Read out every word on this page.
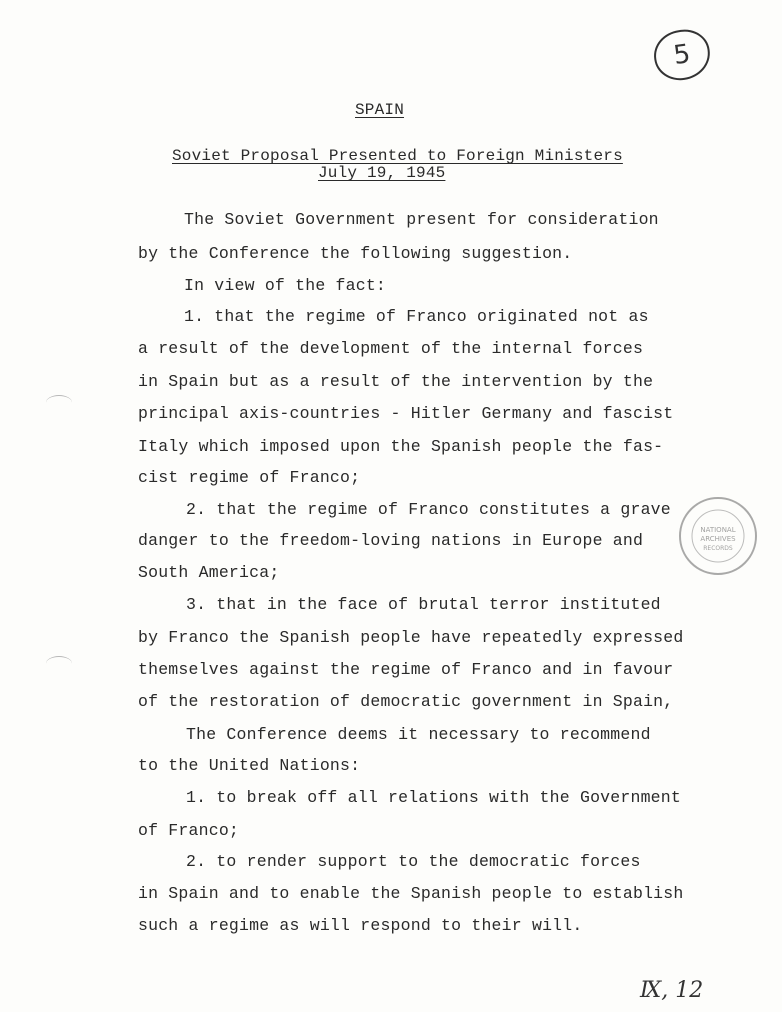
5
SPAIN
Soviet Proposal Presented to Foreign Ministers
July 19, 1945
The Soviet Government present for consideration
by the Conference the following suggestion.
In view of the fact:
1. that the regime of Franco originated not as
a result of the development of the internal forces
in Spain but as a result of the intervention by the
principal axis-countries - Hitler Germany and fascist
Italy which imposed upon the Spanish people the fas-
cist regime of Franco;
2. that the regime of Franco constitutes a grave
danger to the freedom-loving nations in Europe and
South America;
3. that in the face of brutal terror instituted
by Franco the Spanish people have repeatedly expressed
themselves against the regime of Franco and in favour
of the restoration of democratic government in Spain,
The Conference deems it necessary to recommend
to the United Nations:
1. to break off all relations with the Government
of Franco;
2. to render support to the democratic forces
in Spain and to enable the Spanish people to establish
such a regime as will respond to their will.
NATIONAL
ARCHIVES
RECORDS
Ⅸ, 12
